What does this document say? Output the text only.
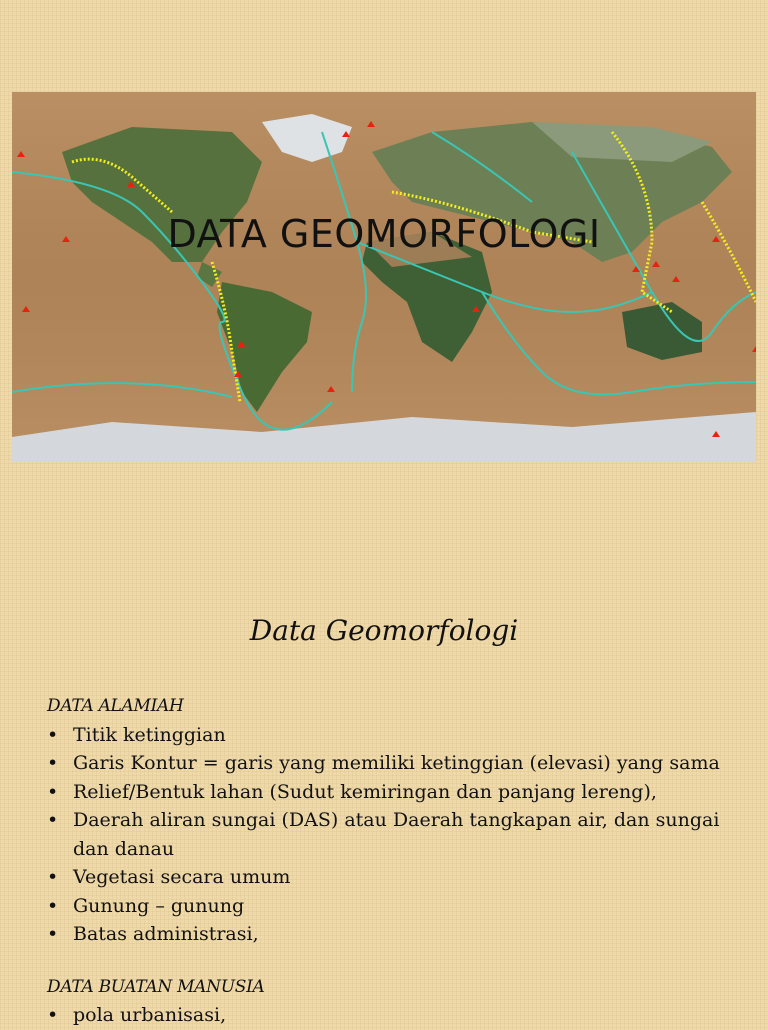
DATA GEOMORFOLOGI
Data Geomorfologi
DATA ALAMIAH
• Titik ketinggian
• Garis Kontur = garis yang memiliki ketinggian (elevasi) yang sama
• Relief/Bentuk lahan (Sudut kemiringan dan panjang lereng),
• Daerah aliran sungai (DAS) atau Daerah tangkapan air, dan sungai dan danau
• Vegetasi secara umum
• Gunung – gunung
• Batas administrasi,
DATA BUATAN MANUSIA
• pola urbanisasi,
